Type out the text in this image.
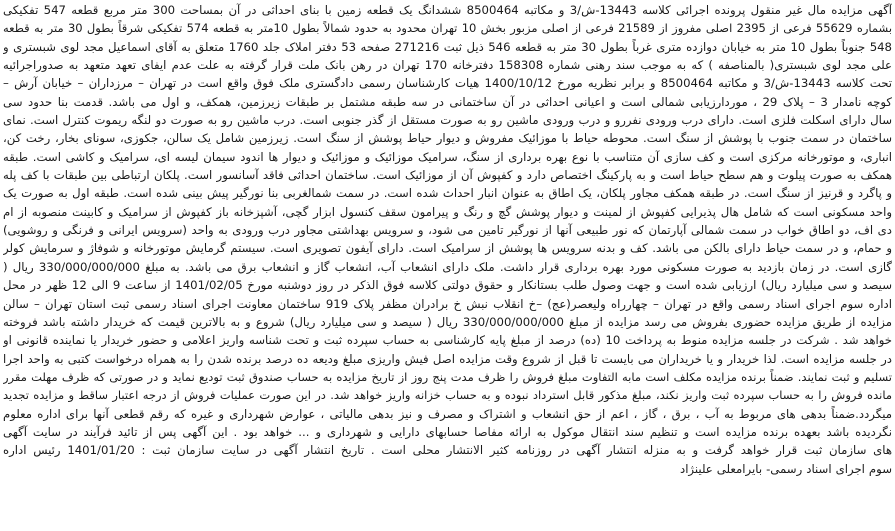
آگهی مزایده مال غیر منقول پرونده اجرائی کلاسه 13443-ش/3 و مکاتبه 8500464 ششدانگ یک قطعه زمین با بنای احداثی در آن بمساحت 300 متر مربع قطعه 547 تفکیکی
بشماره 55629 فرعی از 2395 اصلی مفروز از 21589 فرعی از اصلی مزبور بخش 10 تهران محدود به حدود شمالاً بطول 10متر به قطعه 574 تفکیکی شرقاً بطول 30 متر به قطعه
548 جنوباً بطول 10 متر به خیابان دوازده متری غرباً بطول 30 متر به قطعه 546 ذیل ثبت 271216 صفحه 53 دفتر املاک جلد 1760 متعلق به آقای اسماعیل مجد لوی شبستری و
علی مجد لوی شبستری( بالمناصفه ) که به موجب سند رهنی شماره 158308 دفترخانه 170 تهران در رهن بانک ملت قرار گرفته به علت عدم ایفای تعهد متعهد به صدوراجرائیه
تحت کلاسه 13443-ش/3 و مکاتبه 8500464 و برابر نظریه مورخ 1400/10/12 هیات کارشناسان رسمی دادگستری ملک فوق واقع است در تهران – مرزداران – خیابان آرش –
کوچه نامدار 3 – پلاک 29 ، موردارزیابی شمالی است و اعیانی احداثی در آن ساختمانی در سه طبقه مشتمل بر طبقات زیرزمین، همکف، و اول می باشد. قدمت بنا حدود سی
سال دارای اسکلت فلزی است. دارای درب ورودی نفررو و درب ورودی ماشین رو به صورت مستقل از گذر جنوبی است. درب ماشین رو به صورت دو لنگه ریموت کنترل است. نمای
ساختمان در سمت جنوب با پوشش از سنگ است. محوطه حیاط با موزائیک مفروش و دیوار حیاط پوشش از سنگ است. زیرزمین شامل یک سالن، جکوزی، سونای بخار، رخت کن،
انباری، و موتورخانه مرکزی است و کف سازی آن متناسب با نوع بهره برداری از سنگ، سرامیک موزائیک و موزائیک و دیوار ها اندود سیمان لیسه ای، سرامیک و کاشی است. طبقه
همکف به صورت پیلوت و هم سطح حیاط است و به پارکینگ اختصاص دارد و کفپوش آن از موزائیک است. ساختمان احداثی فاقد آسانسور است. پلکان ارتباطی بین طبقات با کف پله
و پاگرد و قرنیز از سنگ است. در طبقه همکف مجاور پلکان، یک اطاق به عنوان انبار احداث شده است. در سمت شمالغربی بنا نورگیر پیش بینی شده است. طبقه اول به صورت یک
واحد مسکونی است که شامل هال پذیرایی کفپوش از لمینت و دیوار پوشش گچ و رنگ و پیرامون سقف کنسول ابزار گچی، آشپزخانه باز کفپوش از سرامیک و کابینت منصوبه از ام
دی اف، دو اطاق خواب در سمت شمالی آپارتمان که نور طبیعی آنها از نورگیر تامین می شود، و سرویس بهداشتی مجاور درب ورودی به واحد (سرویس ایرانی و فرنگی و روشویی)
و حمام، و در سمت حیاط دارای بالکن می باشد. کف و بدنه سرویس ها پوشش از سرامیک است. دارای آیفون تصویری است. سیستم گرمایش موتورخانه و شوفاژ و سرمایش کولر
گازی است. در زمان بازدید به صورت مسکونی مورد بهره برداری قرار داشت. ملک دارای انشعاب آب، انشعاب گاز و انشعاب برق می باشد. به مبلغ 330/000/000/000 ریال (
سیصد و سی میلیارد ریال) ارزیابی شده است و جهت وصول طلب بستانکار و حقوق دولتی کلاسه فوق الذکر در روز دوشنبه مورخ 1401/02/05 از ساعت 9 الی 12 ظهر در محل
اداره سوم اجرای اسناد رسمی واقع در تهران – چهارراه ولیعصر(عج) –خ انقلاب نبش خ برادران مظفر پلاک 919 ساختمان معاونت اجرای اسناد رسمی ثبت استان تهران – سالن
مزایده از طریق مزایده حضوری بفروش می رسد مزایده از مبلغ 330/000/000/000 ریال ( سیصد و سی میلیارد ریال) شروع و به بالاترین قیمت که خریدار داشته باشد فروخته
خواهد شد . شرکت در جلسه مزایده منوط به پرداخت 10 (ده) درصد از مبلغ پایه کارشناسی به حساب سپرده ثبت و تحت شناسه واریز اعلامی و حضور خریدار یا نماینده قانونی او
در جلسه مزایده است. لذا خریدار و یا خریداران می بایست تا قبل از شروع وقت مزایده اصل فیش واریزی مبلغ ودیعه ده درصد برنده شدن را به همراه درخواست کتبی به واحد اجرا
تسلیم و ثبت نمایند. ضمناً برنده مزایده مکلف است مابه التفاوت مبلغ فروش را ظرف مدت پنج روز از تاریخ مزایده به حساب صندوق ثبت تودیع نماید و در صورتی که ظرف مهلت مقرر
مانده فروش را به حساب سپرده ثبت واریز نکند، مبلغ مذکور قابل استرداد نبوده و به حساب خزانه واریز خواهد شد. در این صورت عملیات فروش از درجه اعتبار ساقط و مزایده تجدید
میگردد.ضمناً بدهی های مربوط به آب ، برق ، گاز ، اعم از حق انشعاب و اشتراک و مصرف و نیز بدهی مالیاتی ، عوارض شهرداری و غیره که رقم قطعی آنها برای اداره معلوم
نگردیده باشد بعهده برنده مزایده است و تنظیم سند انتقال موکول به ارائه مفاصا حسابهای دارایی و شهرداری و ... خواهد بود . این آگهی پس از تائید فرآیند در سایت آگهی
های سازمان ثبت قرار خواهد گرفت و به منزله انتشار آگهی در روزنامه کثیر الانتشار محلی است . تاریخ انتشار آگهی در سایت سازمان ثبت : 1401/01/20 رئیس اداره
سوم اجرای اسناد رسمی- بایرامعلی علینژاد
